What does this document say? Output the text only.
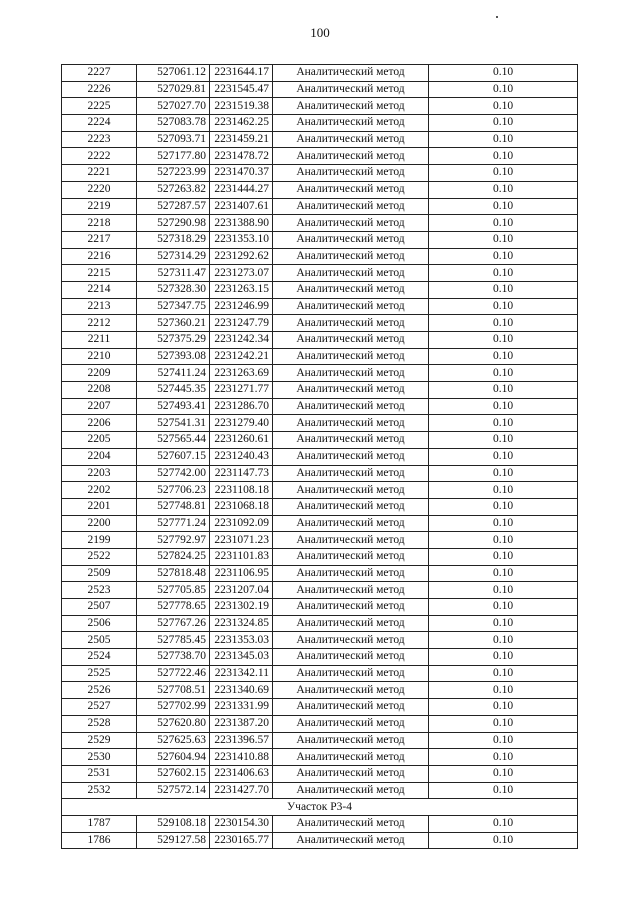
100
2227	527061.12	2231644.17	Аналитический метод	0.10
2226	527029.81	2231545.47	Аналитический метод	0.10
2225	527027.70	2231519.38	Аналитический метод	0.10
2224	527083.78	2231462.25	Аналитический метод	0.10
2223	527093.71	2231459.21	Аналитический метод	0.10
2222	527177.80	2231478.72	Аналитический метод	0.10
2221	527223.99	2231470.37	Аналитический метод	0.10
2220	527263.82	2231444.27	Аналитический метод	0.10
2219	527287.57	2231407.61	Аналитический метод	0.10
2218	527290.98	2231388.90	Аналитический метод	0.10
2217	527318.29	2231353.10	Аналитический метод	0.10
2216	527314.29	2231292.62	Аналитический метод	0.10
2215	527311.47	2231273.07	Аналитический метод	0.10
2214	527328.30	2231263.15	Аналитический метод	0.10
2213	527347.75	2231246.99	Аналитический метод	0.10
2212	527360.21	2231247.79	Аналитический метод	0.10
2211	527375.29	2231242.34	Аналитический метод	0.10
2210	527393.08	2231242.21	Аналитический метод	0.10
2209	527411.24	2231263.69	Аналитический метод	0.10
2208	527445.35	2231271.77	Аналитический метод	0.10
2207	527493.41	2231286.70	Аналитический метод	0.10
2206	527541.31	2231279.40	Аналитический метод	0.10
2205	527565.44	2231260.61	Аналитический метод	0.10
2204	527607.15	2231240.43	Аналитический метод	0.10
2203	527742.00	2231147.73	Аналитический метод	0.10
2202	527706.23	2231108.18	Аналитический метод	0.10
2201	527748.81	2231068.18	Аналитический метод	0.10
2200	527771.24	2231092.09	Аналитический метод	0.10
2199	527792.97	2231071.23	Аналитический метод	0.10
2522	527824.25	2231101.83	Аналитический метод	0.10
2509	527818.48	2231106.95	Аналитический метод	0.10
2523	527705.85	2231207.04	Аналитический метод	0.10
2507	527778.65	2231302.19	Аналитический метод	0.10
2506	527767.26	2231324.85	Аналитический метод	0.10
2505	527785.45	2231353.03	Аналитический метод	0.10
2524	527738.70	2231345.03	Аналитический метод	0.10
2525	527722.46	2231342.11	Аналитический метод	0.10
2526	527708.51	2231340.69	Аналитический метод	0.10
2527	527702.99	2231331.99	Аналитический метод	0.10
2528	527620.80	2231387.20	Аналитический метод	0.10
2529	527625.63	2231396.57	Аналитический метод	0.10
2530	527604.94	2231410.88	Аналитический метод	0.10
2531	527602.15	2231406.63	Аналитический метод	0.10
2532	527572.14	2231427.70	Аналитический метод	0.10
Участок Р3-4				
1787	529108.18	2230154.30	Аналитический метод	0.10
1786	529127.58	2230165.77	Аналитический метод	0.10
